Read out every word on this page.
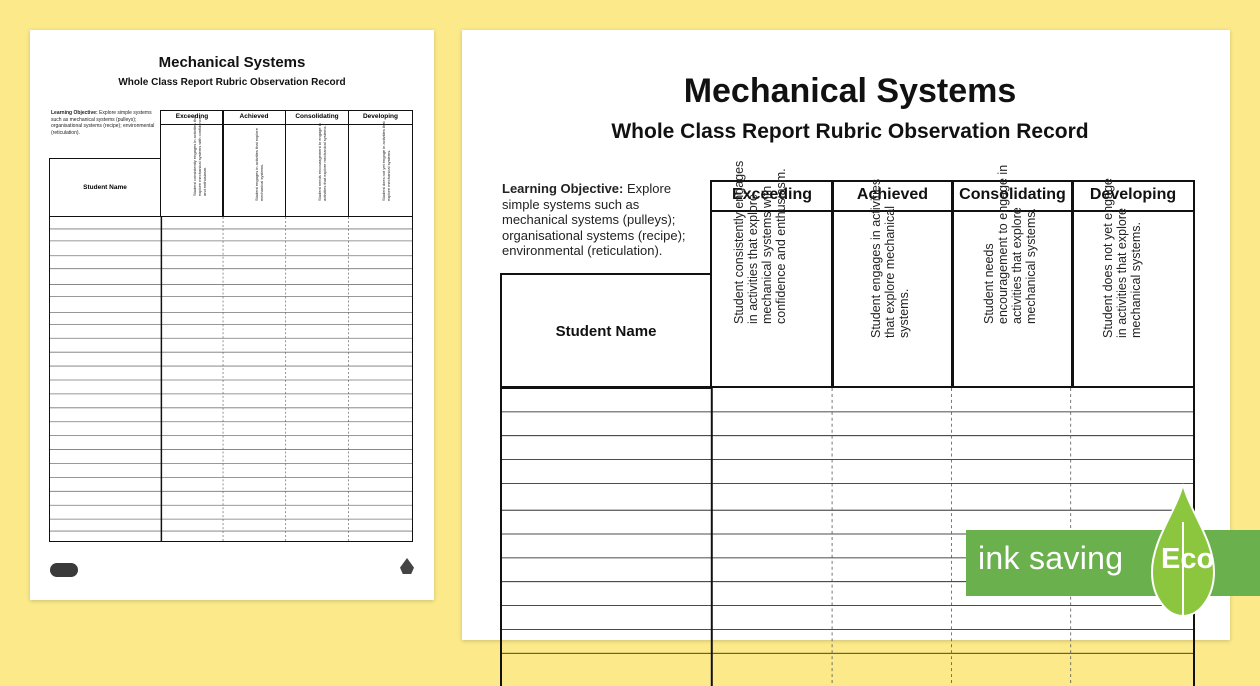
Mechanical Systems
Whole Class Report Rubric Observation Record
Learning Objective: Explore simple systems such as mechanical systems (pulleys); organisational systems (recipe); environmental (reticulation).
Exceeding
Student consistently engages in activities that explore mechanical systems with confidence and enthusiasm.
Achieved
Student engages in activities that explore mechanical systems.
Consolidating
Student needs encouragement to engage in activities that explore mechanical systems.
Developing
Student does not yet engage in activities that explore mechanical systems.
Student Name
Mechanical Systems
Whole Class Report Rubric Observation Record
Learning Objective: Explore simple systems such as mechanical systems (pulleys); organisational systems (recipe); environmental (reticulation).
Exceeding
Student consistently engages in activities that explore mechanical systems with confidence and enthusiasm.	Achieved
Student engages in activities that explore mechanical systems.
Consolidating
Student needs encouragement to engage in activities that explore mechanical systems.
Developing
Student does not yet engage in activities that explore mechanical systems.
Student Name
ink saving Eco
